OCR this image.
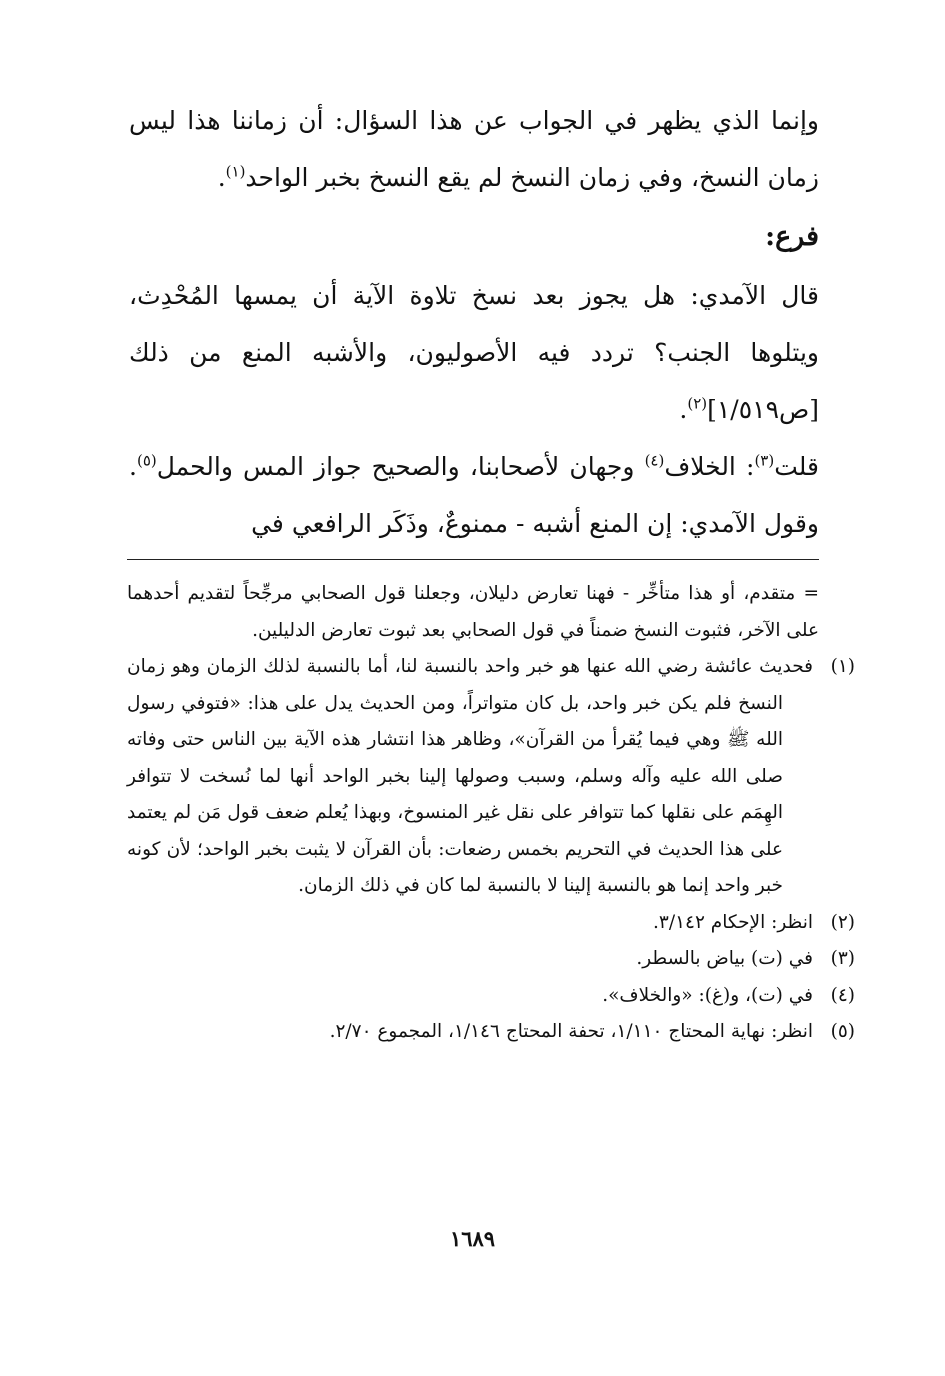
وإنما الذي يظهر في الجواب عن هذا السؤال: أن زماننا هذا ليس زمان النسخ، وفي زمان النسخ لم يقع النسخ بخبر الواحد$^{(١)}$.

فرع:

قال الآمدي: هل يجوز بعد نسخ تلاوة الآية أن يمسها المُحْدِث، ويتلوها الجنب؟ تردد فيه الأصوليون، والأشبه المنع من ذلك [ص١/٥١٩]$^{(٢)}$.

قلت$^{(٣)}$: الخلاف$^{(٤)}$ وجهان لأصحابنا، والصحيح جواز المس والحمل$^{(٥)}$. وقول الآمدي: إن المنع أشبه - ممنوعٌ، وذَكَر الرافعي في

= متقدم، أو هذا متأخِّر - فهنا تعارض دليلان، وجعلنا قول الصحابي مرجِّحاً لتقديم أحدهما على الآخر، فثبوت النسخ ضمناً في قول الصحابي بعد ثبوت تعارض الدليلين.

(١)فحديث عائشة رضي الله عنها هو خبر واحد بالنسبة لنا، أما بالنسبة لذلك الزمان وهو زمان النسخ فلم يكن خبر واحد، بل كان متواتراً، ومن الحديث يدل على هذا: «فتوفي رسول الله ﷺ وهي فيما يُقرأ من القرآن»، وظاهر هذا انتشار هذه الآية بين الناس حتى وفاته صلى الله عليه وآله وسلم، وسبب وصولها إلينا بخبر الواحد أنها لما نُسخت لا تتوافر الهِمَم على نقلها كما تتوافر على نقل غير المنسوخ، وبهذا يُعلم ضعف قول مَن لم يعتمد على هذا الحديث في التحريم بخمس رضعات: بأن القرآن لا يثبت بخبر الواحد؛ لأن كونه خبر واحد إنما هو بالنسبة إلينا لا بالنسبة لما كان في ذلك الزمان.

(٢)انظر: الإحكام ٣/١٤٢.

(٣)في (ت) بياض بالسطر.

(٤)في (ت)، و(غ): «والخلاف».

(٥)انظر: نهاية المحتاج ١/١١٠، تحفة المحتاج ١/١٤٦، المجموع ٢/٧٠.

١٦٨٩
